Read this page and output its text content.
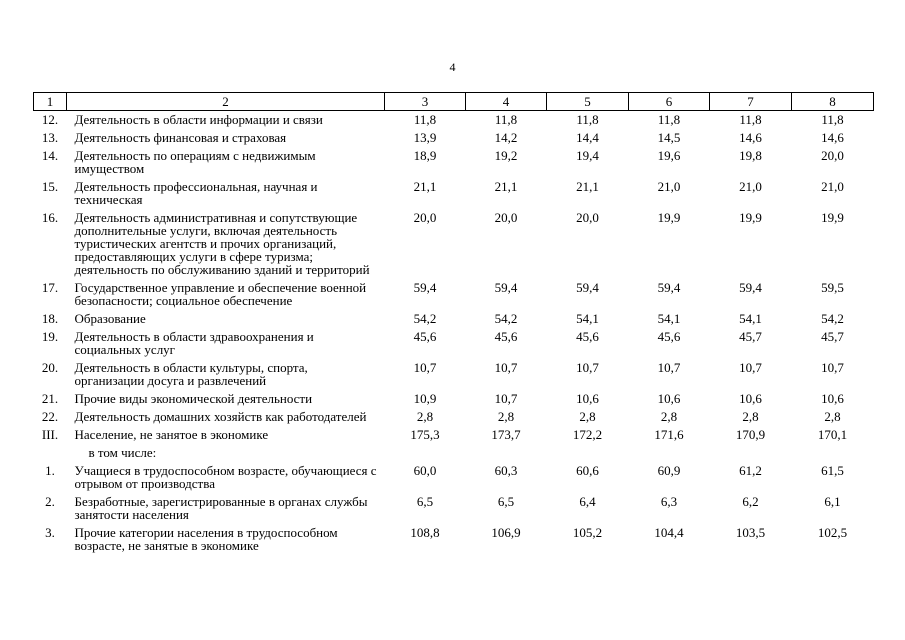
4
1	2	3	4	5	6	7	8
12.	Деятельность в области информации и связи	11,8	11,8	11,8	11,8	11,8	11,8
13.	Деятельность финансовая и страховая	13,9	14,2	14,4	14,5	14,6	14,6
14.	Деятельность по операциям с недвижимым имуществом	18,9	19,2	19,4	19,6	19,8	20,0
15.	Деятельность профессиональная, научная и техническая	21,1	21,1	21,1	21,0	21,0	21,0
16.	Деятельность административная и сопутствующие дополнительные услуги, включая деятельность туристических агентств и прочих организаций, предоставляющих услуги в сфере туризма; деятельность по обслуживанию зданий и территорий	20,0	20,0	20,0	19,9	19,9	19,9
17.	Государственное управление и обеспечение военной безопасности; социальное обеспечение	59,4	59,4	59,4	59,4	59,4	59,5
18.	Образование	54,2	54,2	54,1	54,1	54,1	54,2
19.	Деятельность в области здравоохранения и социальных услуг	45,6	45,6	45,6	45,6	45,7	45,7
20.	Деятельность в области культуры, спорта, организации досуга и развлечений	10,7	10,7	10,7	10,7	10,7	10,7
21.	Прочие виды экономической деятельности	10,9	10,7	10,6	10,6	10,6	10,6
22.	Деятельность домашних хозяйств как работодателей	2,8	2,8	2,8	2,8	2,8	2,8
III.	Население, не занятое в экономике	175,3	173,7	172,2	171,6	170,9	170,1
	в том числе:						
1.	Учащиеся в трудоспособном возрасте, обучающиеся с отрывом от производства	60,0	60,3	60,6	60,9	61,2	61,5
2.	Безработные, зарегистрированные в органах службы занятости населения	6,5	6,5	6,4	6,3	6,2	6,1
3.	Прочие категории населения в трудоспособном возрасте, не занятые в экономике	108,8	106,9	105,2	104,4	103,5	102,5
